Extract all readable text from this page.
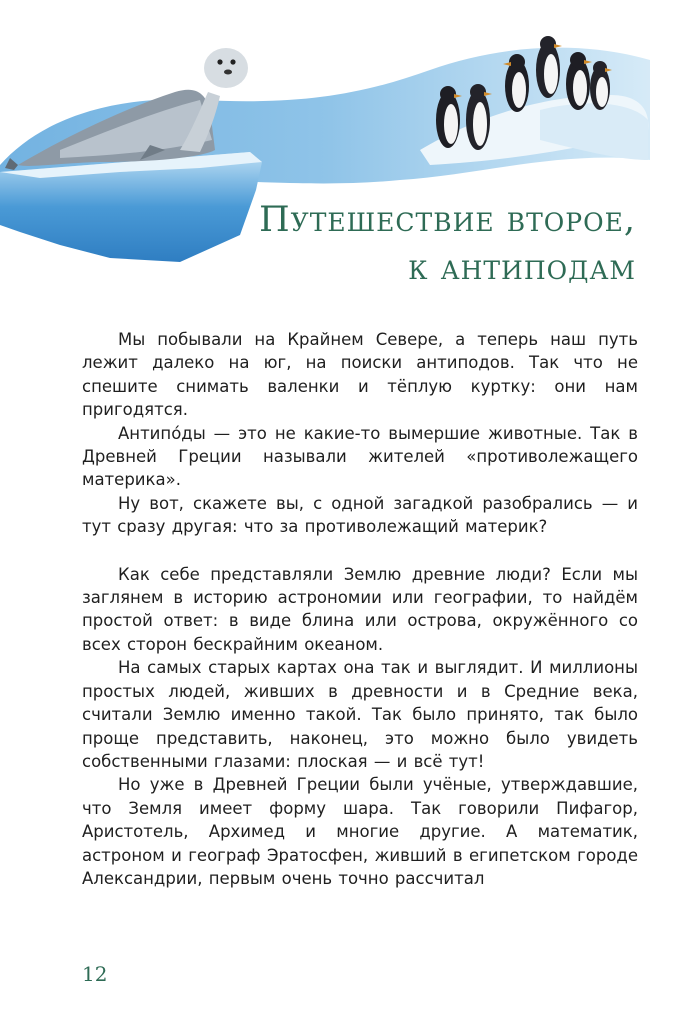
Путешествие второе,
к антиподам

Мы побывали на Крайнем Севере, а теперь наш путь лежит далеко на юг, на поиски антиподов. Так что не спешите снимать валенки и тёплую куртку: они нам пригодятся.

Антипо́ды — это не какие-то вымершие животные. Так в Древней Греции называли жителей «противолежащего материка».

Ну вот, скажете вы, с одной загадкой разобрались — и тут сразу другая: что за противолежащий материк?

Как себе представляли Землю древние люди? Если мы заглянем в историю астрономии или географии, то найдём простой ответ: в виде блина или острова, окружённого со всех сторон бескрайним океаном.

На самых старых картах она так и выглядит. И миллионы простых людей, живших в древности и в Средние века, считали Землю именно такой. Так было принято, так было проще представить, наконец, это можно было увидеть собственными глазами: плоская — и всё тут!

Но уже в Древней Греции были учёные, утверждавшие, что Земля имеет форму шара. Так говорили Пифагор, Аристотель, Архимед и многие другие. А математик, астроном и географ Эратосфен, живший в египетском городе Александрии, первым очень точно рассчитал

12
